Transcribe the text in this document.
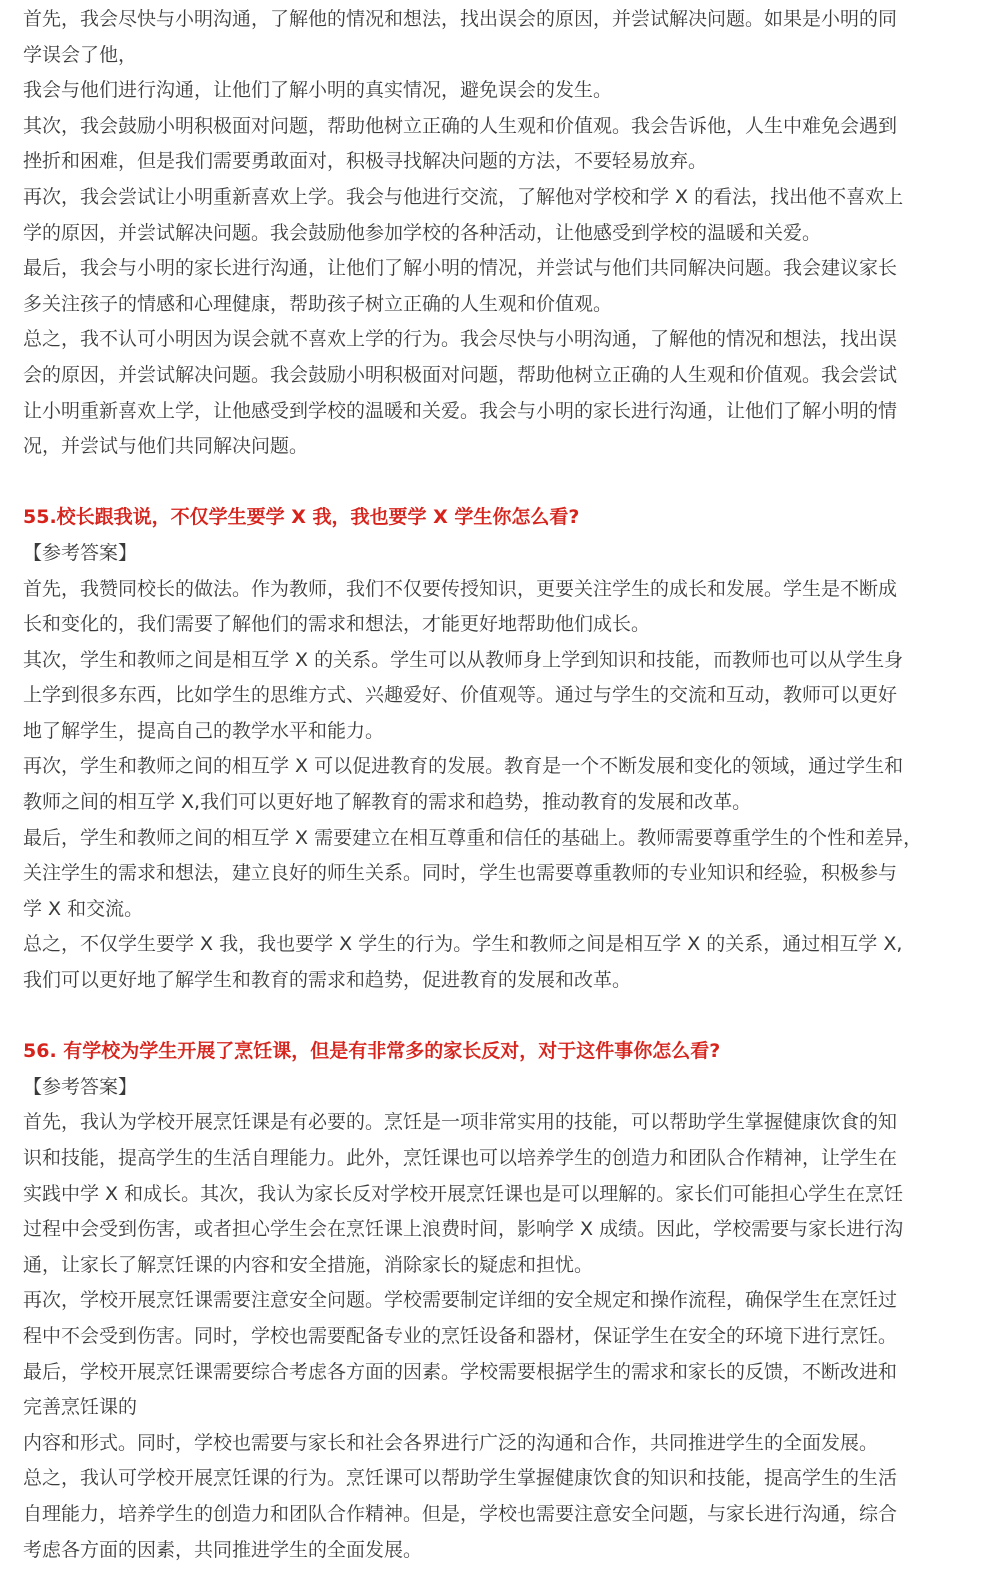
首先，我会尽快与小明沟通，了解他的情况和想法，找出误会的原因，并尝试解决问题。如果是小明的同
学误会了他，
我会与他们进行沟通，让他们了解小明的真实情况，避免误会的发生。
其次，我会鼓励小明积极面对问题，帮助他树立正确的人生观和价值观。我会告诉他，人生中难免会遇到
挫折和困难，但是我们需要勇敢面对，积极寻找解决问题的方法，不要轻易放弃。
再次，我会尝试让小明重新喜欢上学。我会与他进行交流，了解他对学校和学 X 的看法，找出他不喜欢上
学的原因，并尝试解决问题。我会鼓励他参加学校的各种活动，让他感受到学校的温暖和关爱。
最后，我会与小明的家长进行沟通，让他们了解小明的情况，并尝试与他们共同解决问题。我会建议家长
多关注孩子的情感和心理健康，帮助孩子树立正确的人生观和价值观。
总之，我不认可小明因为误会就不喜欢上学的行为。我会尽快与小明沟通，了解他的情况和想法，找出误
会的原因，并尝试解决问题。我会鼓励小明积极面对问题，帮助他树立正确的人生观和价值观。我会尝试
让小明重新喜欢上学，让他感受到学校的温暖和关爱。我会与小明的家长进行沟通，让他们了解小明的情
况，并尝试与他们共同解决问题。
55.校长跟我说，不仅学生要学 X 我，我也要学 X 学生你怎么看?
【参考答案】
首先，我赞同校长的做法。作为教师，我们不仅要传授知识，更要关注学生的成长和发展。学生是不断成
长和变化的，我们需要了解他们的需求和想法，才能更好地帮助他们成长。
其次，学生和教师之间是相互学 X 的关系。学生可以从教师身上学到知识和技能，而教师也可以从学生身
上学到很多东西，比如学生的思维方式、兴趣爱好、价值观等。通过与学生的交流和互动，教师可以更好
地了解学生，提高自己的教学水平和能力。
再次，学生和教师之间的相互学 X 可以促进教育的发展。教育是一个不断发展和变化的领域，通过学生和
教师之间的相互学 X,我们可以更好地了解教育的需求和趋势，推动教育的发展和改革。
最后，学生和教师之间的相互学 X 需要建立在相互尊重和信任的基础上。教师需要尊重学生的个性和差异，
关注学生的需求和想法，建立良好的师生关系。同时，学生也需要尊重教师的专业知识和经验，积极参与
学 X 和交流。
总之，不仅学生要学 X 我，我也要学 X 学生的行为。学生和教师之间是相互学 X 的关系，通过相互学 X,
我们可以更好地了解学生和教育的需求和趋势，促进教育的发展和改革。
56. 有学校为学生开展了烹饪课，但是有非常多的家长反对，对于这件事你怎么看?
【参考答案】
首先，我认为学校开展烹饪课是有必要的。烹饪是一项非常实用的技能，可以帮助学生掌握健康饮食的知
识和技能，提高学生的生活自理能力。此外，烹饪课也可以培养学生的创造力和团队合作精神，让学生在
实践中学 X 和成长。其次，我认为家长反对学校开展烹饪课也是可以理解的。家长们可能担心学生在烹饪
过程中会受到伤害，或者担心学生会在烹饪课上浪费时间，影响学 X 成绩。因此，学校需要与家长进行沟
通，让家长了解烹饪课的内容和安全措施，消除家长的疑虑和担忧。
再次，学校开展烹饪课需要注意安全问题。学校需要制定详细的安全规定和操作流程，确保学生在烹饪过
程中不会受到伤害。同时，学校也需要配备专业的烹饪设备和器材，保证学生在安全的环境下进行烹饪。
最后，学校开展烹饪课需要综合考虑各方面的因素。学校需要根据学生的需求和家长的反馈，不断改进和
完善烹饪课的
内容和形式。同时，学校也需要与家长和社会各界进行广泛的沟通和合作，共同推进学生的全面发展。
总之，我认可学校开展烹饪课的行为。烹饪课可以帮助学生掌握健康饮食的知识和技能，提高学生的生活
自理能力，培养学生的创造力和团队合作精神。但是，学校也需要注意安全问题，与家长进行沟通，综合
考虑各方面的因素，共同推进学生的全面发展。
